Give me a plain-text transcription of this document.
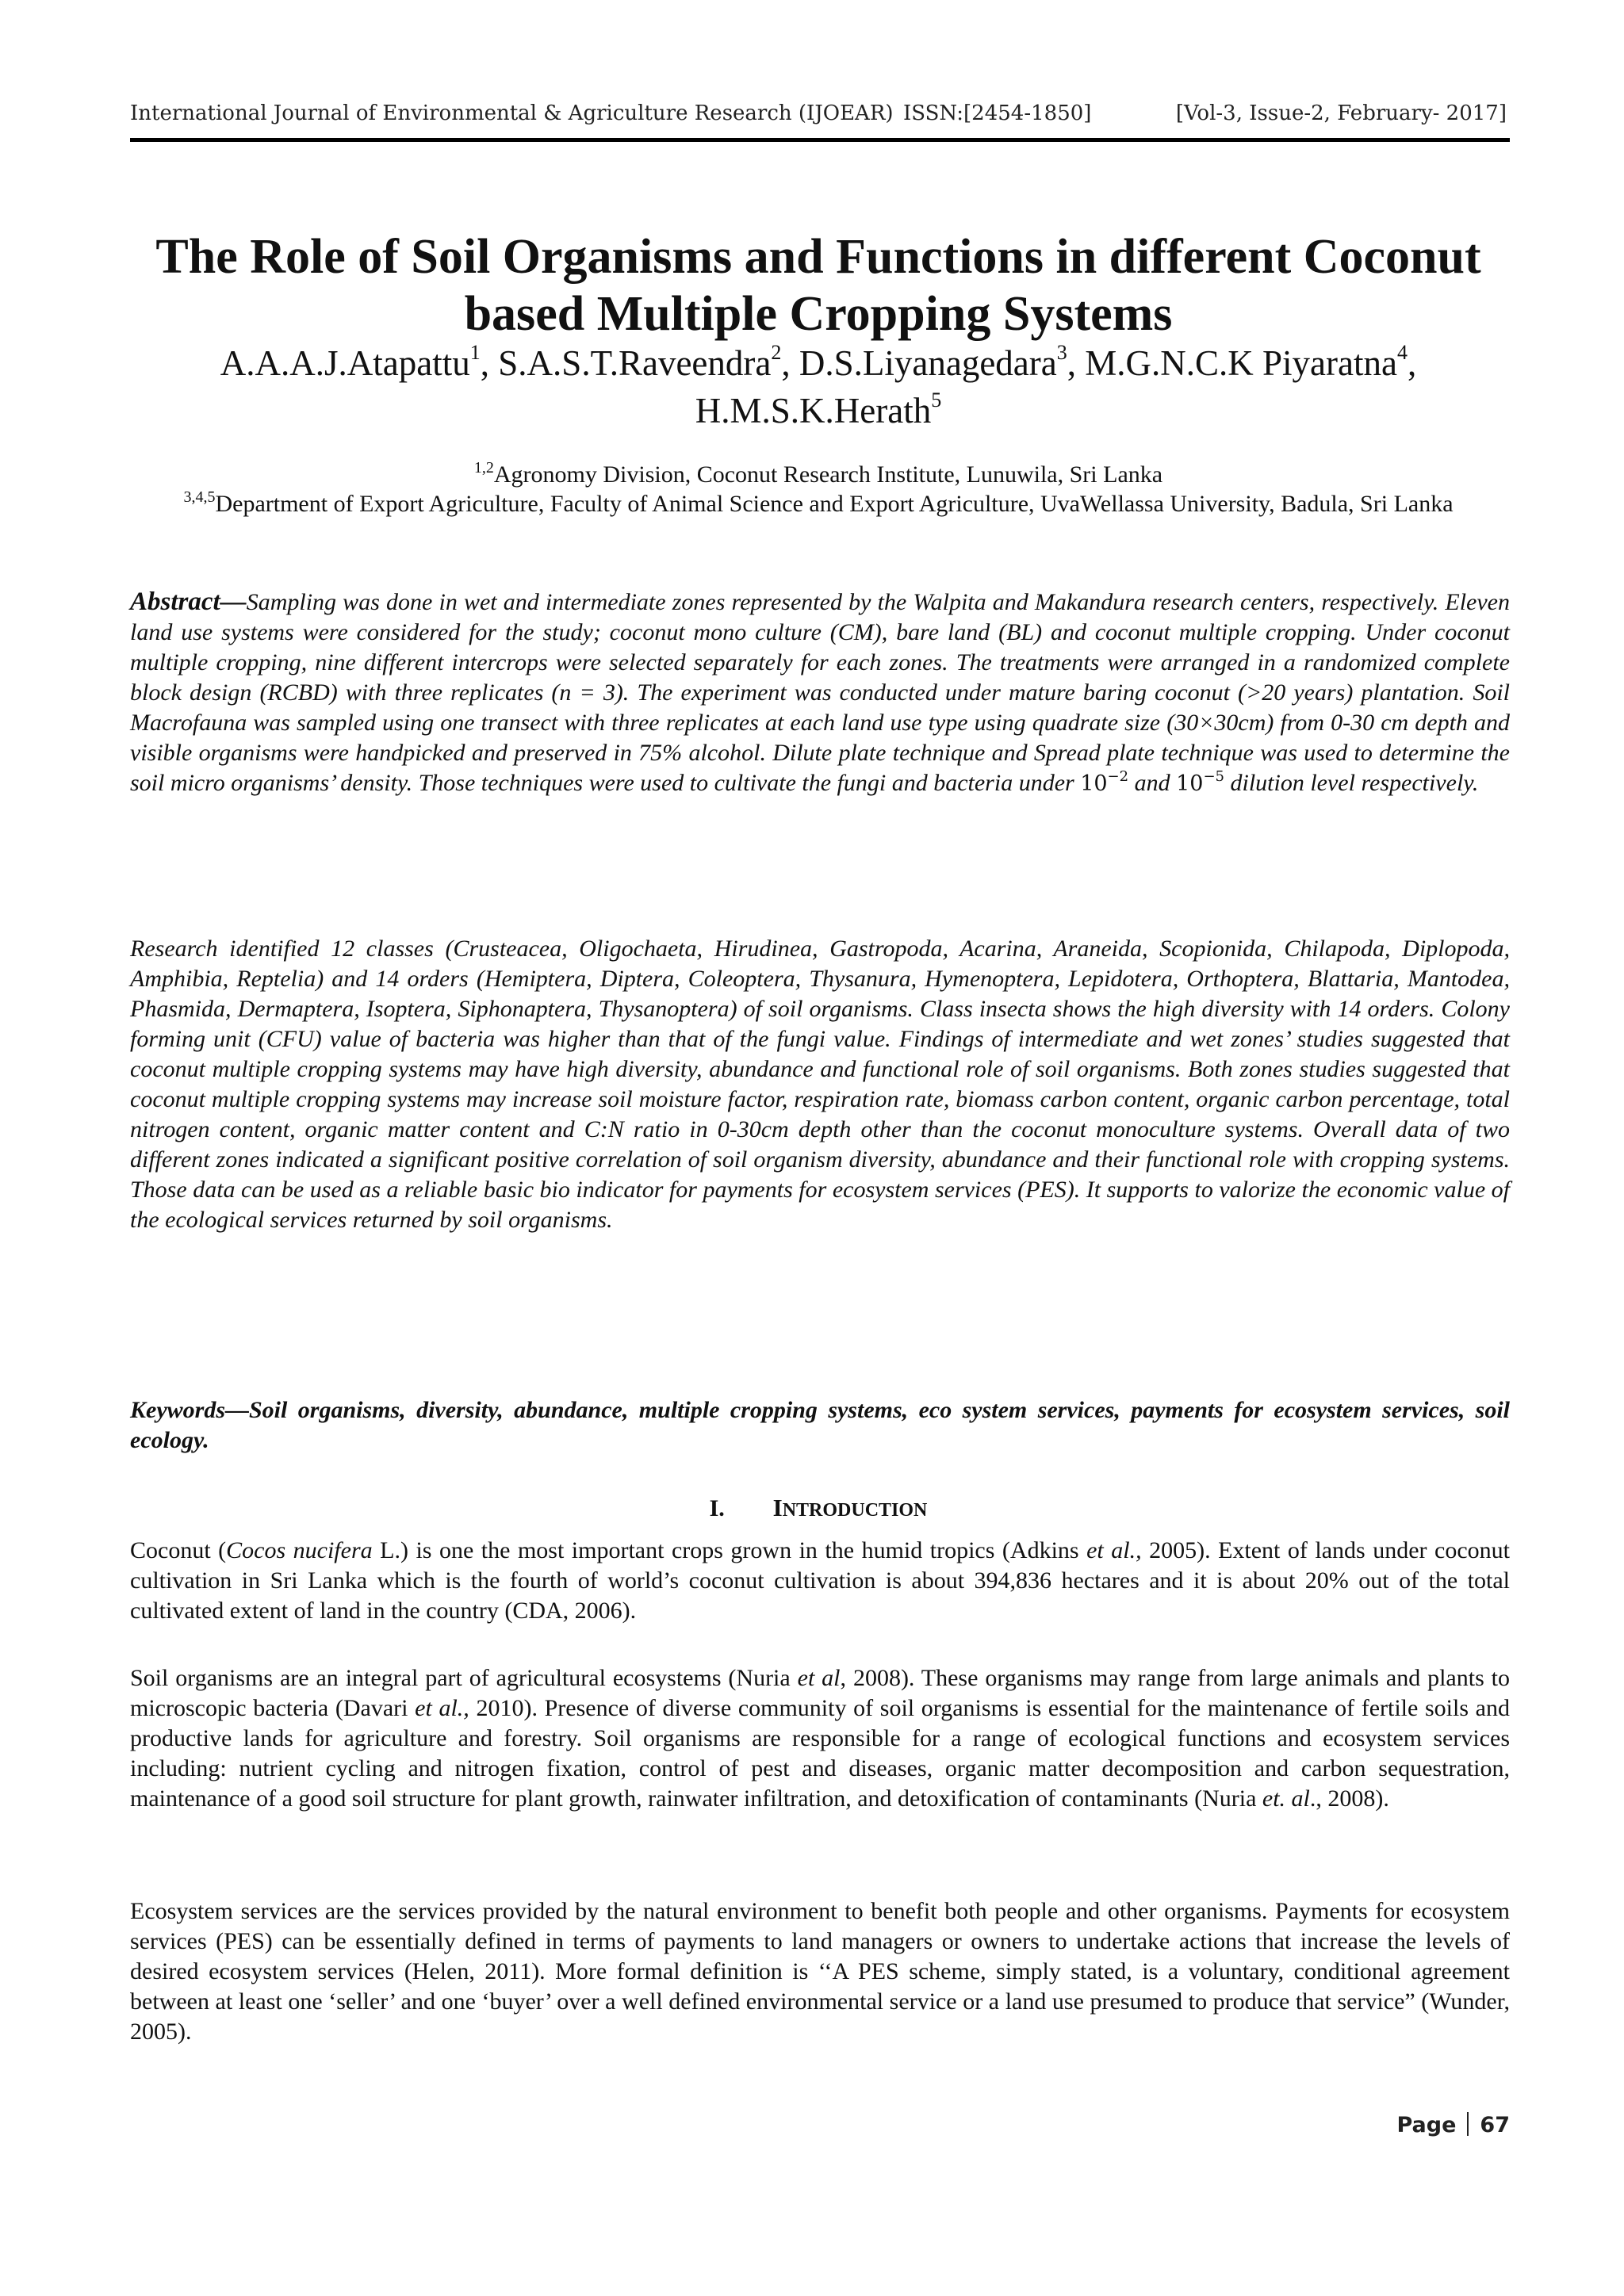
International Journal of Environmental & Agriculture Research (IJOEAR) ISSN:[2454-1850]	[Vol-3, Issue-2, February- 2017]
The Role of Soil Organisms and Functions in different Coconut
based Multiple Cropping Systems
A.A.A.J.Atapattu$^1$, S.A.S.T.Raveendra$^2$, D.S.Liyanagedara$^3$, M.G.N.C.K Piyaratna$^4$,
H.M.S.K.Herath$^5$
$^{1,2}$Agronomy Division, Coconut Research Institute, Lunuwila, Sri Lanka
$^{3,4,5}$Department of Export Agriculture, Faculty of Animal Science and Export Agriculture, UvaWellassa University, Badula, Sri Lanka

Abstract—Sampling was done in wet and intermediate zones represented by the Walpita and Makandura research centers, respectively. Eleven land use systems were considered for the study; coconut mono culture (CM), bare land (BL) and coconut multiple cropping. Under coconut multiple cropping, nine different intercrops were selected separately for each zones. The treatments were arranged in a randomized complete block design (RCBD) with three replicates (n = 3). The experiment was conducted under mature baring coconut (>20 years) plantation. Soil Macrofauna was sampled using one transect with three replicates at each land use type using quadrate size (30×30cm) from 0-30 cm depth and visible organisms were handpicked and preserved in 75% alcohol. Dilute plate technique and Spread plate technique was used to determine the soil micro organisms’ density. Those techniques were used to cultivate the fungi and bacteria under $10^{-2}$ and $10^{-5}$ dilution level respectively.

Research identified 12 classes (Crusteacea, Oligochaeta, Hirudinea, Gastropoda, Acarina, Araneida, Scopionida, Chilapoda, Diplopoda, Amphibia, Reptelia) and 14 orders (Hemiptera, Diptera, Coleoptera, Thysanura, Hymenoptera, Lepidotera, Orthoptera, Blattaria, Mantodea, Phasmida, Dermaptera, Isoptera, Siphonaptera, Thysanoptera) of soil organisms. Class insecta shows the high diversity with 14 orders. Colony forming unit (CFU) value of bacteria was higher than that of the fungi value. Findings of intermediate and wet zones’ studies suggested that coconut multiple cropping systems may have high diversity, abundance and functional role of soil organisms. Both zones studies suggested that coconut multiple cropping systems may increase soil moisture factor, respiration rate, biomass carbon content, organic carbon percentage, total nitrogen content, organic matter content and C:N ratio in 0-30cm depth other than the coconut monoculture systems. Overall data of two different zones indicated a significant positive correlation of soil organism diversity, abundance and their functional role with cropping systems. Those data can be used as a reliable basic bio indicator for payments for ecosystem services (PES). It supports to valorize the economic value of the ecological services returned by soil organisms.

Keywords—Soil organisms, diversity, abundance, multiple cropping systems, eco system services, payments for ecosystem services, soil ecology.

I. INTRODUCTION

Coconut (Cocos nucifera L.) is one the most important crops grown in the humid tropics (Adkins et al., 2005). Extent of lands under coconut cultivation in Sri Lanka which is the fourth of world’s coconut cultivation is about 394,836 hectares and it is about 20% out of the total cultivated extent of land in the country (CDA, 2006).

Soil organisms are an integral part of agricultural ecosystems (Nuria et al, 2008). These organisms may range from large animals and plants to microscopic bacteria (Davari et al., 2010). Presence of diverse community of soil organisms is essential for the maintenance of fertile soils and productive lands for agriculture and forestry. Soil organisms are responsible for a range of ecological functions and ecosystem services including: nutrient cycling and nitrogen fixation, control of pest and diseases, organic matter decomposition and carbon sequestration, maintenance of a good soil structure for plant growth, rainwater infiltration, and detoxification of contaminants (Nuria et. al., 2008).

Ecosystem services are the services provided by the natural environment to benefit both people and other organisms. Payments for ecosystem services (PES) can be essentially defined in terms of payments to land managers or owners to undertake actions that increase the levels of desired ecosystem services (Helen, 2011). More formal definition is ‘‘A PES scheme, simply stated, is a voluntary, conditional agreement between at least one ‘seller’ and one ‘buyer’ over a well defined environmental service or a land use presumed to produce that service” (Wunder, 2005).

Page 67
